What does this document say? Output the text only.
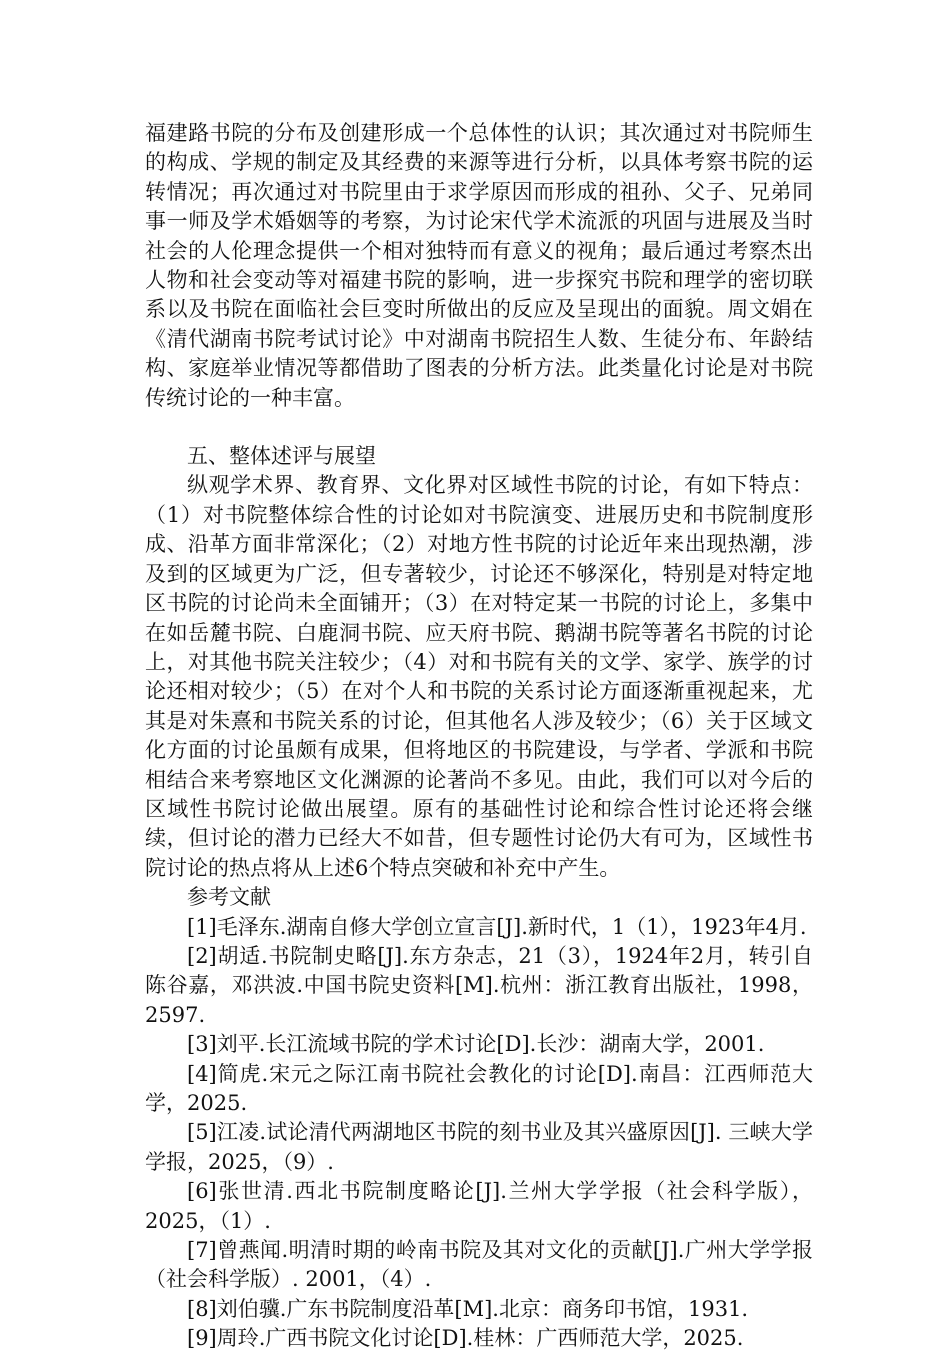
福建路书院的分布及创建形成一个总体性的认识；其次通过对书院师生的构成、学规的制定及其经费的来源等进行分析，以具体考察书院的运转情况；再次通过对书院里由于求学原因而形成的祖孙、父子、兄弟同事一师及学术婚姻等的考察，为讨论宋代学术流派的巩固与进展及当时社会的人伦理念提供一个相对独特而有意义的视角；最后通过考察杰出人物和社会变动等对福建书院的影响，进一步探究书院和理学的密切联系以及书院在面临社会巨变时所做出的反应及呈现出的面貌。周文娟在《清代湖南书院考试讨论》中对湖南书院招生人数、生徒分布、年龄结构、家庭举业情况等都借助了图表的分析方法。此类量化讨论是对书院传统讨论的一种丰富。

五、整体述评与展望

纵观学术界、教育界、文化界对区域性书院的讨论，有如下特点：（1）对书院整体综合性的讨论如对书院演变、进展历史和书院制度形成、沿革方面非常深化；（2）对地方性书院的讨论近年来出现热潮，涉及到的区域更为广泛，但专著较少，讨论还不够深化，特别是对特定地区书院的讨论尚未全面铺开；（3）在对特定某一书院的讨论上，多集中在如岳麓书院、白鹿洞书院、应天府书院、鹅湖书院等著名书院的讨论上，对其他书院关注较少；（4）对和书院有关的文学、家学、族学的讨论还相对较少；（5）在对个人和书院的关系讨论方面逐渐重视起来，尤其是对朱熹和书院关系的讨论，但其他名人涉及较少；（6）关于区域文化方面的讨论虽颇有成果，但将地区的书院建设，与学者、学派和书院相结合来考察地区文化渊源的论著尚不多见。由此，我们可以对今后的区域性书院讨论做出展望。原有的基础性讨论和综合性讨论还将会继续，但讨论的潜力已经大不如昔，但专题性讨论仍大有可为，区域性书院讨论的热点将从上述6个特点突破和补充中产生。

参考文献

[1]毛泽东.湖南自修大学创立宣言[J].新时代，1（1），1923年4月.

[2]胡适.书院制史略[J].东方杂志，21（3），1924年2月，转引自陈谷嘉，邓洪波.中国书院史资料[M].杭州：浙江教育出版社，1998，2597.

[3]刘平.长江流域书院的学术讨论[D].长沙：湖南大学，2001.

[4]简虎.宋元之际江南书院社会教化的讨论[D].南昌：江西师范大学，2025.

[5]江凌.试论清代两湖地区书院的刻书业及其兴盛原因[J]. 三峡大学学报，2025，（9）.

[6]张世清.西北书院制度略论[J].兰州大学学报（社会科学版），2025，（1）.

[7]曾燕闻.明清时期的岭南书院及其对文化的贡献[J].广州大学学报（社会科学版）. 2001，（4）.

[8]刘伯骥.广东书院制度沿革[M].北京：商务印书馆，1931.

[9]周玲.广西书院文化讨论[D].桂林：广西师范大学，2025.
